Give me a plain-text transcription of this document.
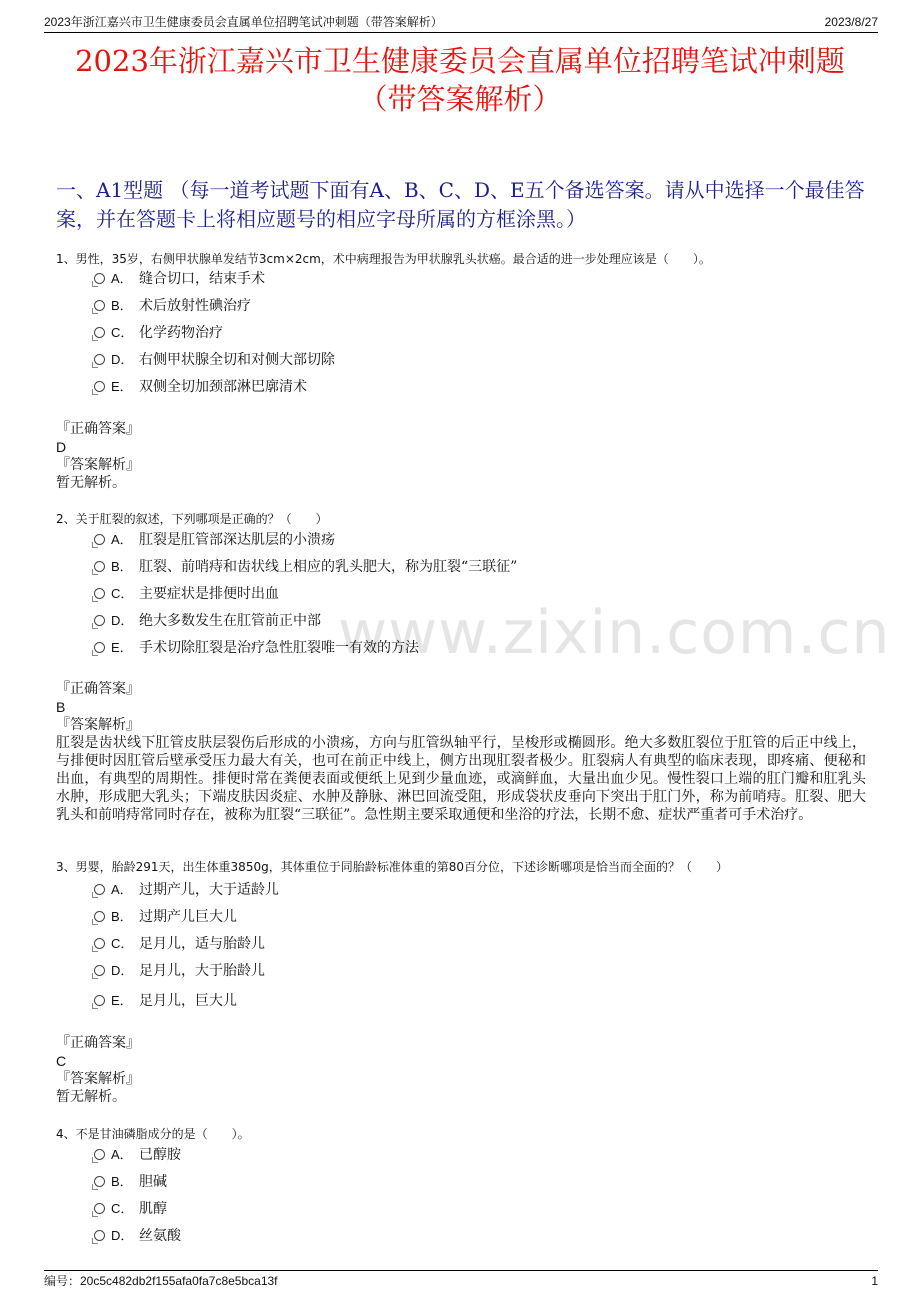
2023年浙江嘉兴市卫生健康委员会直属单位招聘笔试冲刺题（带答案解析）	2023/8/27
2023年浙江嘉兴市卫生健康委员会直属单位招聘笔试冲刺题
（带答案解析）
一、A1型题 （每一道考试题下面有A、B、C、D、E五个备选答案。请从中选择一个最佳答案，并在答题卡上将相应题号的相应字母所属的方框涂黑。）
www.zixin.com.cn
1、男性，35岁，右侧甲状腺单发结节3cm×2cm，术中病理报告为甲状腺乳头状癌。最合适的进一步处理应该是（　　）。
A． 缝合切口，结束手术
B． 术后放射性碘治疗
C． 化学药物治疗
D． 右侧甲状腺全切和对侧大部切除
E． 双侧全切加颈部淋巴廓清术
『正确答案』
D
『答案解析』
暂无解析。
2、关于肛裂的叙述，下列哪项是正确的？（　　）
A． 肛裂是肛管部深达肌层的小溃疡
B． 肛裂、前哨痔和齿状线上相应的乳头肥大，称为肛裂“三联征”
C． 主要症状是排便时出血
D． 绝大多数发生在肛管前正中部
E． 手术切除肛裂是治疗急性肛裂唯一有效的方法
『正确答案』
B
『答案解析』
肛裂是齿状线下肛管皮肤层裂伤后形成的小溃疡，方向与肛管纵轴平行，呈梭形或椭圆形。绝大多数肛裂位于肛管的后正中线上，与排便时因肛管后壁承受压力最大有关，也可在前正中线上，侧方出现肛裂者极少。肛裂病人有典型的临床表现，即疼痛、便秘和出血，有典型的周期性。排便时常在粪便表面或便纸上见到少量血迹，或滴鲜血，大量出血少见。慢性裂口上端的肛门瓣和肛乳头水肿，形成肥大乳头；下端皮肤因炎症、水肿及静脉、淋巴回流受阻，形成袋状皮垂向下突出于肛门外，称为前哨痔。肛裂、肥大乳头和前哨痔常同时存在，被称为肛裂“三联征”。急性期主要采取通便和坐浴的疗法，长期不愈、症状严重者可手术治疗。
3、男婴，胎龄291天，出生体重3850g，其体重位于同胎龄标准体重的第80百分位，下述诊断哪项是恰当而全面的？（　　）
A． 过期产儿，大于适龄儿
B． 过期产儿巨大儿
C． 足月儿，适与胎龄儿
D． 足月儿，大于胎龄儿
E． 足月儿，巨大儿
『正确答案』
C
『答案解析』
暂无解析。
4、不是甘油磷脂成分的是（　　）。
A． 已醇胺
B． 胆碱
C． 肌醇
D． 丝氨酸
编号：20c5c482db2f155afa0fa7c8e5bca13f	1
